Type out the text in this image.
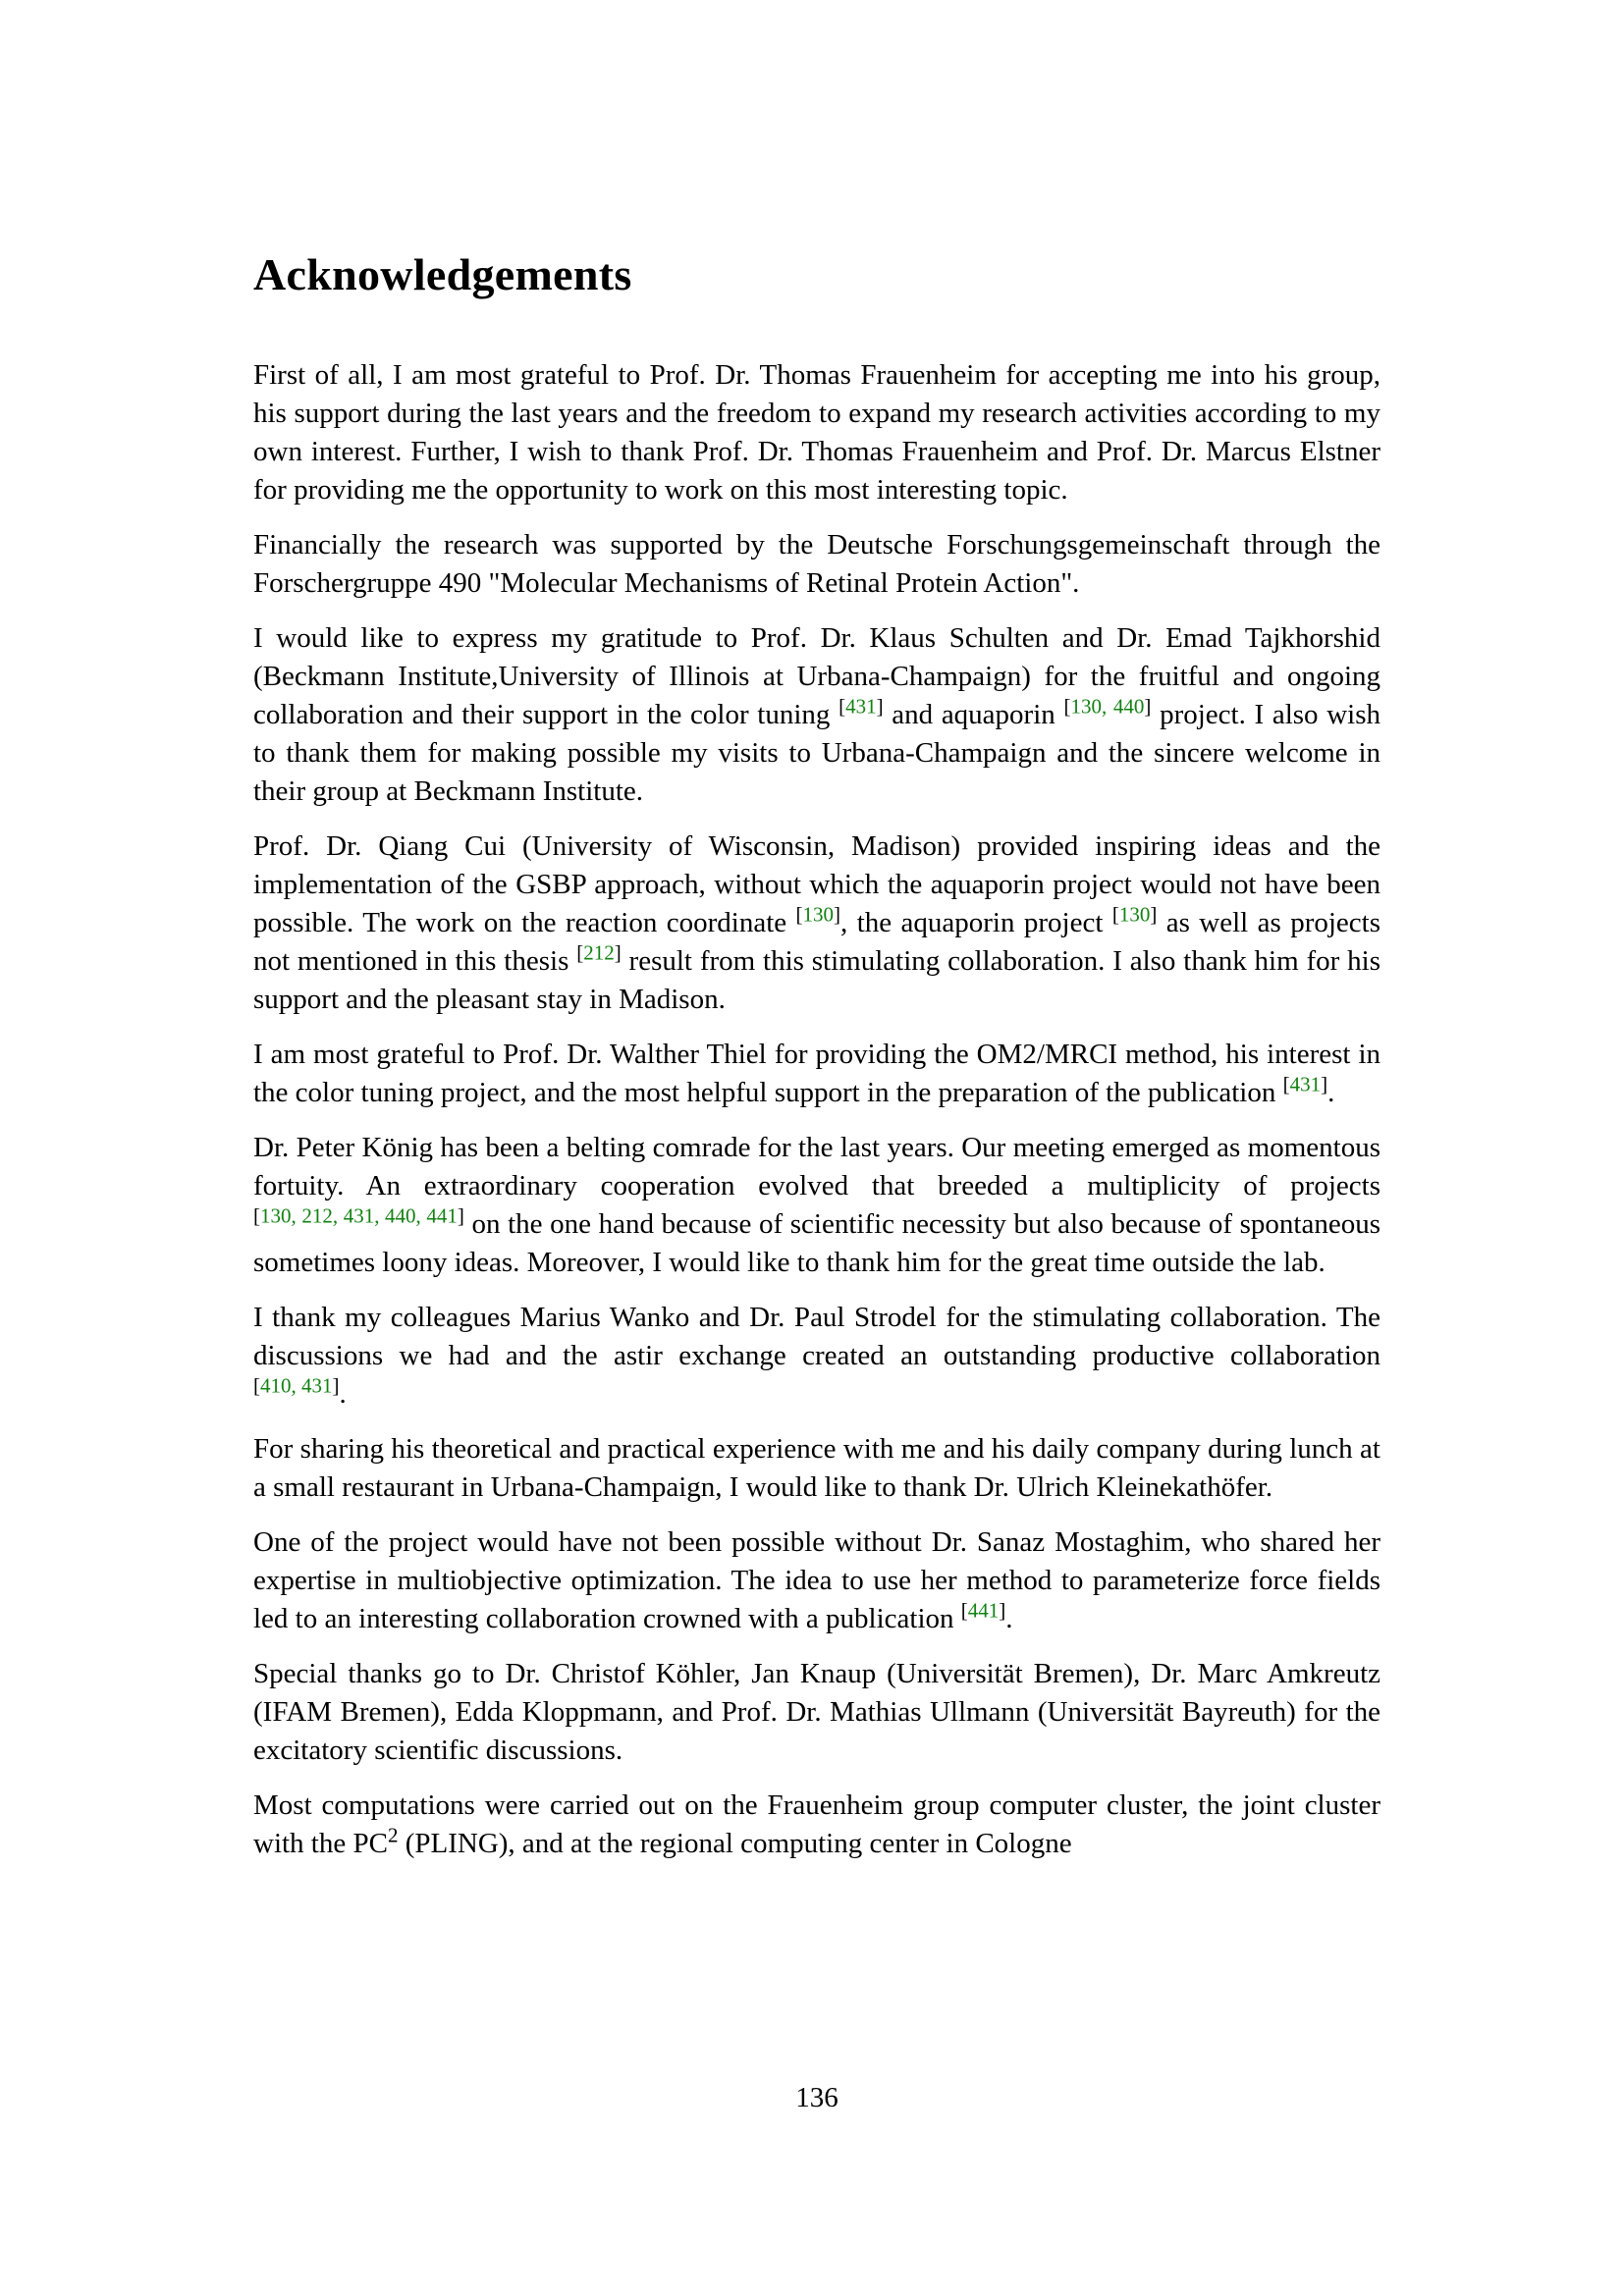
Acknowledgements

First of all, I am most grateful to Prof. Dr. Thomas Frauenheim for accepting me into his group, his support during the last years and the freedom to expand my research activities according to my own interest. Further, I wish to thank Prof. Dr. Thomas Frauenheim and Prof. Dr. Marcus Elstner for providing me the opportunity to work on this most interesting topic.

Financially the research was supported by the Deutsche Forschungsgemeinschaft through the Forschergruppe 490 "Molecular Mechanisms of Retinal Protein Action".

I would like to express my gratitude to Prof. Dr. Klaus Schulten and Dr. Emad Tajkhorshid (Beckmann Institute,University of Illinois at Urbana-Champaign) for the fruitful and ongoing collaboration and their support in the color tuning [431] and aquaporin [130, 440] project. I also wish to thank them for making possible my visits to Urbana-Champaign and the sincere welcome in their group at Beckmann Institute.

Prof. Dr. Qiang Cui (University of Wisconsin, Madison) provided inspiring ideas and the implementation of the GSBP approach, without which the aquaporin project would not have been possible. The work on the reaction coordinate [130], the aquaporin project [130] as well as projects not mentioned in this thesis [212] result from this stimulating collaboration. I also thank him for his support and the pleasant stay in Madison.

I am most grateful to Prof. Dr. Walther Thiel for providing the OM2/MRCI method, his interest in the color tuning project, and the most helpful support in the preparation of the publication [431].

Dr. Peter König has been a belting comrade for the last years. Our meeting emerged as momentous fortuity. An extraordinary cooperation evolved that breeded a multiplicity of projects [130, 212, 431, 440, 441] on the one hand because of scientific necessity but also because of spontaneous sometimes loony ideas. Moreover, I would like to thank him for the great time outside the lab.

I thank my colleagues Marius Wanko and Dr. Paul Strodel for the stimulating collaboration. The discussions we had and the astir exchange created an outstanding productive collaboration [410, 431].

For sharing his theoretical and practical experience with me and his daily company during lunch at a small restaurant in Urbana-Champaign, I would like to thank Dr. Ulrich Kleinekathöfer.

One of the project would have not been possible without Dr. Sanaz Mostaghim, who shared her expertise in multiobjective optimization. The idea to use her method to parameterize force fields led to an interesting collaboration crowned with a publication [441].

Special thanks go to Dr. Christof Köhler, Jan Knaup (Universität Bremen), Dr. Marc Amkreutz (IFAM Bremen), Edda Kloppmann, and Prof. Dr. Mathias Ullmann (Universität Bayreuth) for the excitatory scientific discussions.

Most computations were carried out on the Frauenheim group computer cluster, the joint cluster with the $PC^2$ (PLING), and at the regional computing center in Cologne

136
